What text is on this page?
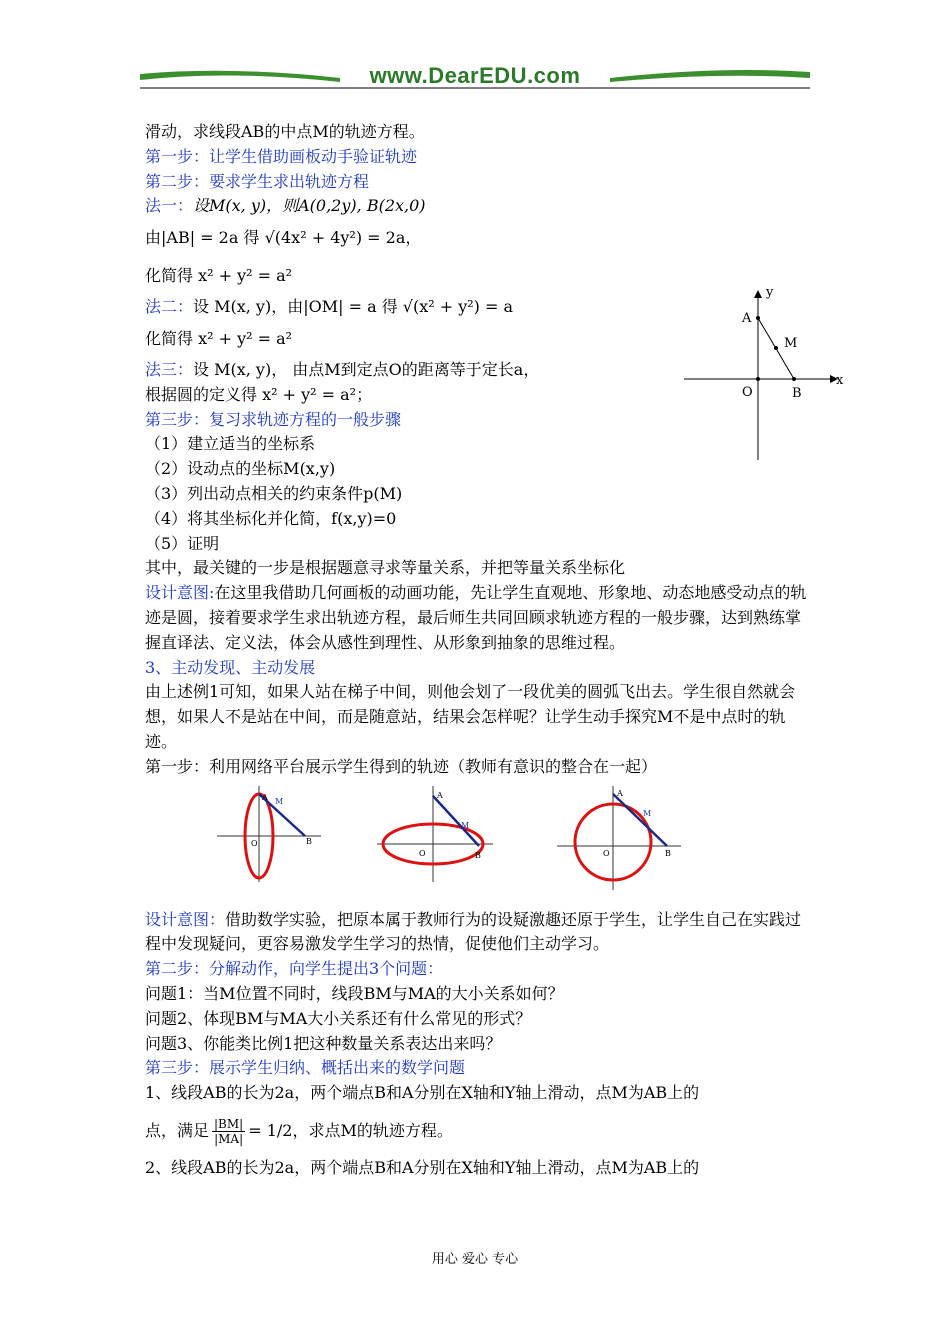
www.DearEDU.com
滑动，求线段AB的中点M的轨迹方程。
第一步：让学生借助画板动手验证轨迹
第二步：要求学生求出轨迹方程
法一：设M(x, y)，则A(0,2y), B(2x,0)
由|AB| = 2a 得 √(4x² + 4y²) = 2a，
化简得 x² + y² = a²
法二：设 M(x, y)，由|OM| = a 得 √(x² + y²) = a
化简得 x² + y² = a²
法三：设 M(x, y)， 由点M到定点O的距离等于定长a，
根据圆的定义得 x² + y² = a²；
第三步：复习求轨迹方程的一般步骤
（1）建立适当的坐标系
（2）设动点的坐标M(x,y)
（3）列出动点相关的约束条件p(M)
（4）将其坐标化并化简，f(x,y)=0
（5）证明
其中，最关键的一步是根据题意寻求等量关系，并把等量关系坐标化
设计意图:在这里我借助几何画板的动画功能，先让学生直观地、形象地、动态地感受动点的轨迹是圆，接着要求学生求出轨迹方程，最后师生共同回顾求轨迹方程的一般步骤，达到熟练掌握直译法、定义法，体会从感性到理性、从形象到抽象的思维过程。
3、主动发现、主动发展
由上述例1可知，如果人站在梯子中间，则他会划了一段优美的圆弧飞出去。学生很自然就会想，如果人不是站在中间，而是随意站，结果会怎样呢？让学生动手探究M不是中点时的轨迹。
第一步：利用网络平台展示学生得到的轨迹（教师有意识的整合在一起）
M
A
O	B
A
M
O	B
A
M
O	B
设计意图：借助数学实验，把原本属于教师行为的设疑激趣还原于学生，让学生自己在实践过程中发现疑问，更容易激发学生学习的热情，促使他们主动学习。
第二步：分解动作，向学生提出3个问题：
问题1：当M位置不同时，线段BM与MA的大小关系如何？
问题2、体现BM与MA大小关系还有什么常见的形式？
问题3、你能类比例1把这种数量关系表达出来吗？
第三步：展示学生归纳、概括出来的数学问题
1、线段AB的长为2a，两个端点B和A分别在X轴和Y轴上滑动，点M为AB上的
点，满足 $\frac{|BM|}{|MA|} = 1/2$，求点M的轨迹方程。
2、线段AB的长为2a，两个端点B和A分别在X轴和Y轴上滑动，点M为AB上的
y
x
A
M
O	B
用心 爱心 专心
